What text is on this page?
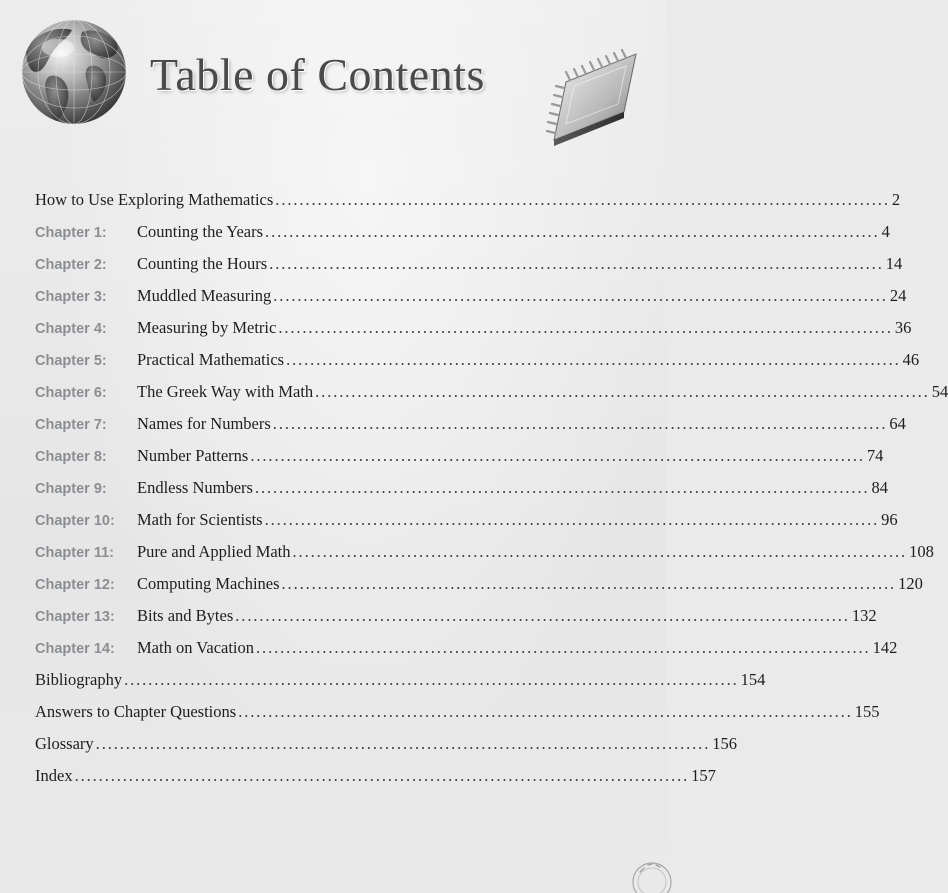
Table of Contents
How to Use Exploring Mathematics ...................................................................................................... 2
Chapter 1:	Counting the Years ...................................................................................................... 4
Chapter 2:	Counting the Hours ...................................................................................................... 14
Chapter 3:	Muddled Measuring ...................................................................................................... 24
Chapter 4:	Measuring by Metric ...................................................................................................... 36
Chapter 5:	Practical Mathematics ...................................................................................................... 46
Chapter 6:	The Greek Way with Math ...................................................................................................... 54
Chapter 7:	Names for Numbers ...................................................................................................... 64
Chapter 8:	Number Patterns ...................................................................................................... 74
Chapter 9:	Endless Numbers ...................................................................................................... 84
Chapter 10:	Math for Scientists ...................................................................................................... 96
Chapter 11:	Pure and Applied Math ...................................................................................................... 108
Chapter 12:	Computing Machines ...................................................................................................... 120
Chapter 13:	Bits and Bytes ...................................................................................................... 132
Chapter 14:	Math on Vacation ...................................................................................................... 142
Bibliography ...................................................................................................... 154
Answers to Chapter Questions ...................................................................................................... 155
Glossary ...................................................................................................... 156
Index ...................................................................................................... 157
